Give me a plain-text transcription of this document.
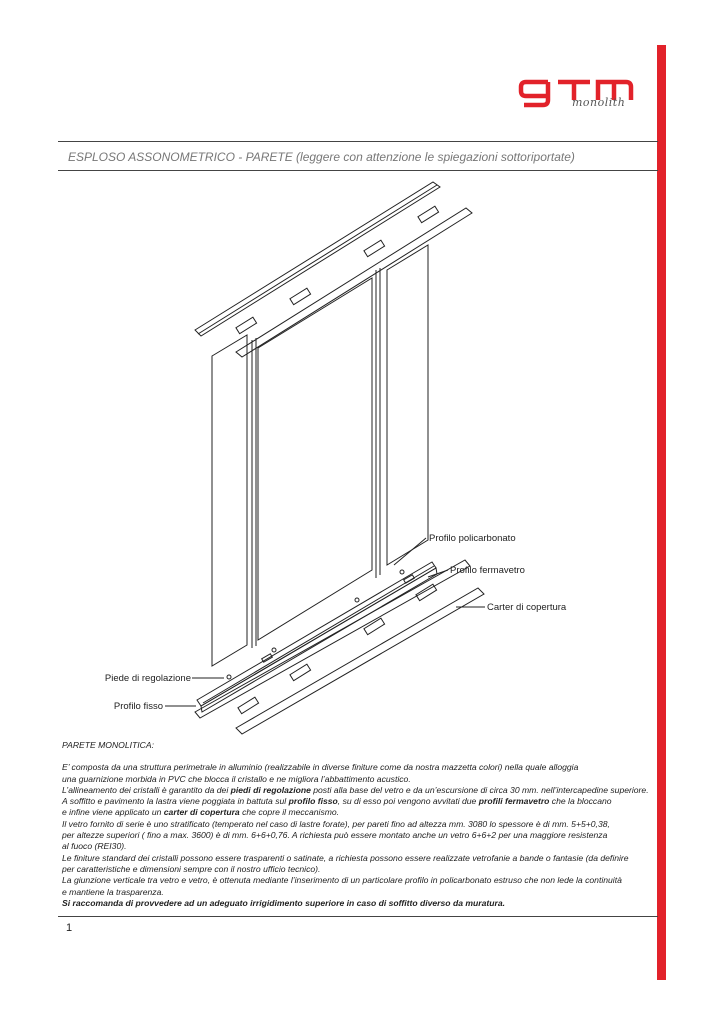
monolith
ESPLOSO ASSONOMETRICO - PARETE (leggere con attenzione le spiegazioni sottoriportate)
Profilo policarbonato
Profilo fermavetro
Carter di copertura
Piede di regolazione
Profilo fisso

PARETE MONOLITICA:

E’ composta da una struttura perimetrale in alluminio (realizzabile in diverse finiture come da nostra mazzetta colori) nella quale alloggia

una guarnizione morbida in PVC che blocca il cristallo e ne migliora l’abbattimento acustico.

L’allineamento dei cristalli è garantito da dei piedi di regolazione posti alla base del vetro e da un’escursione di circa 30 mm. nell’intercapedine superiore.

A soffitto e pavimento la lastra viene poggiata in battuta sul profilo fisso, su di esso poi vengono avvitati due profili fermavetro che la bloccano

e infine viene applicato un carter di copertura che copre il meccanismo.

Il vetro fornito di serie è uno stratificato (temperato nel caso di lastre forate), per pareti fino ad altezza mm. 3080 lo spessore è di mm. 5+5+0,38,

per altezze superiori ( fino a max. 3600) è di mm. 6+6+0,76. A richiesta può essere montato anche un vetro 6+6+2 per una maggiore resistenza

al fuoco (REI30).

Le finiture standard dei cristalli possono essere trasparenti o satinate, a richiesta possono essere realizzate vetrofanie a bande o fantasie (da definire

per caratteristiche e dimensioni sempre con il nostro ufficio tecnico).

La giunzione verticale tra vetro e vetro, è ottenuta mediante l’inserimento di un particolare profilo in policarbonato estruso che non lede la continuità

e mantiene la trasparenza.

Si raccomanda di provvedere ad un adeguato irrigidimento superiore in caso di soffitto diverso da muratura.

1
